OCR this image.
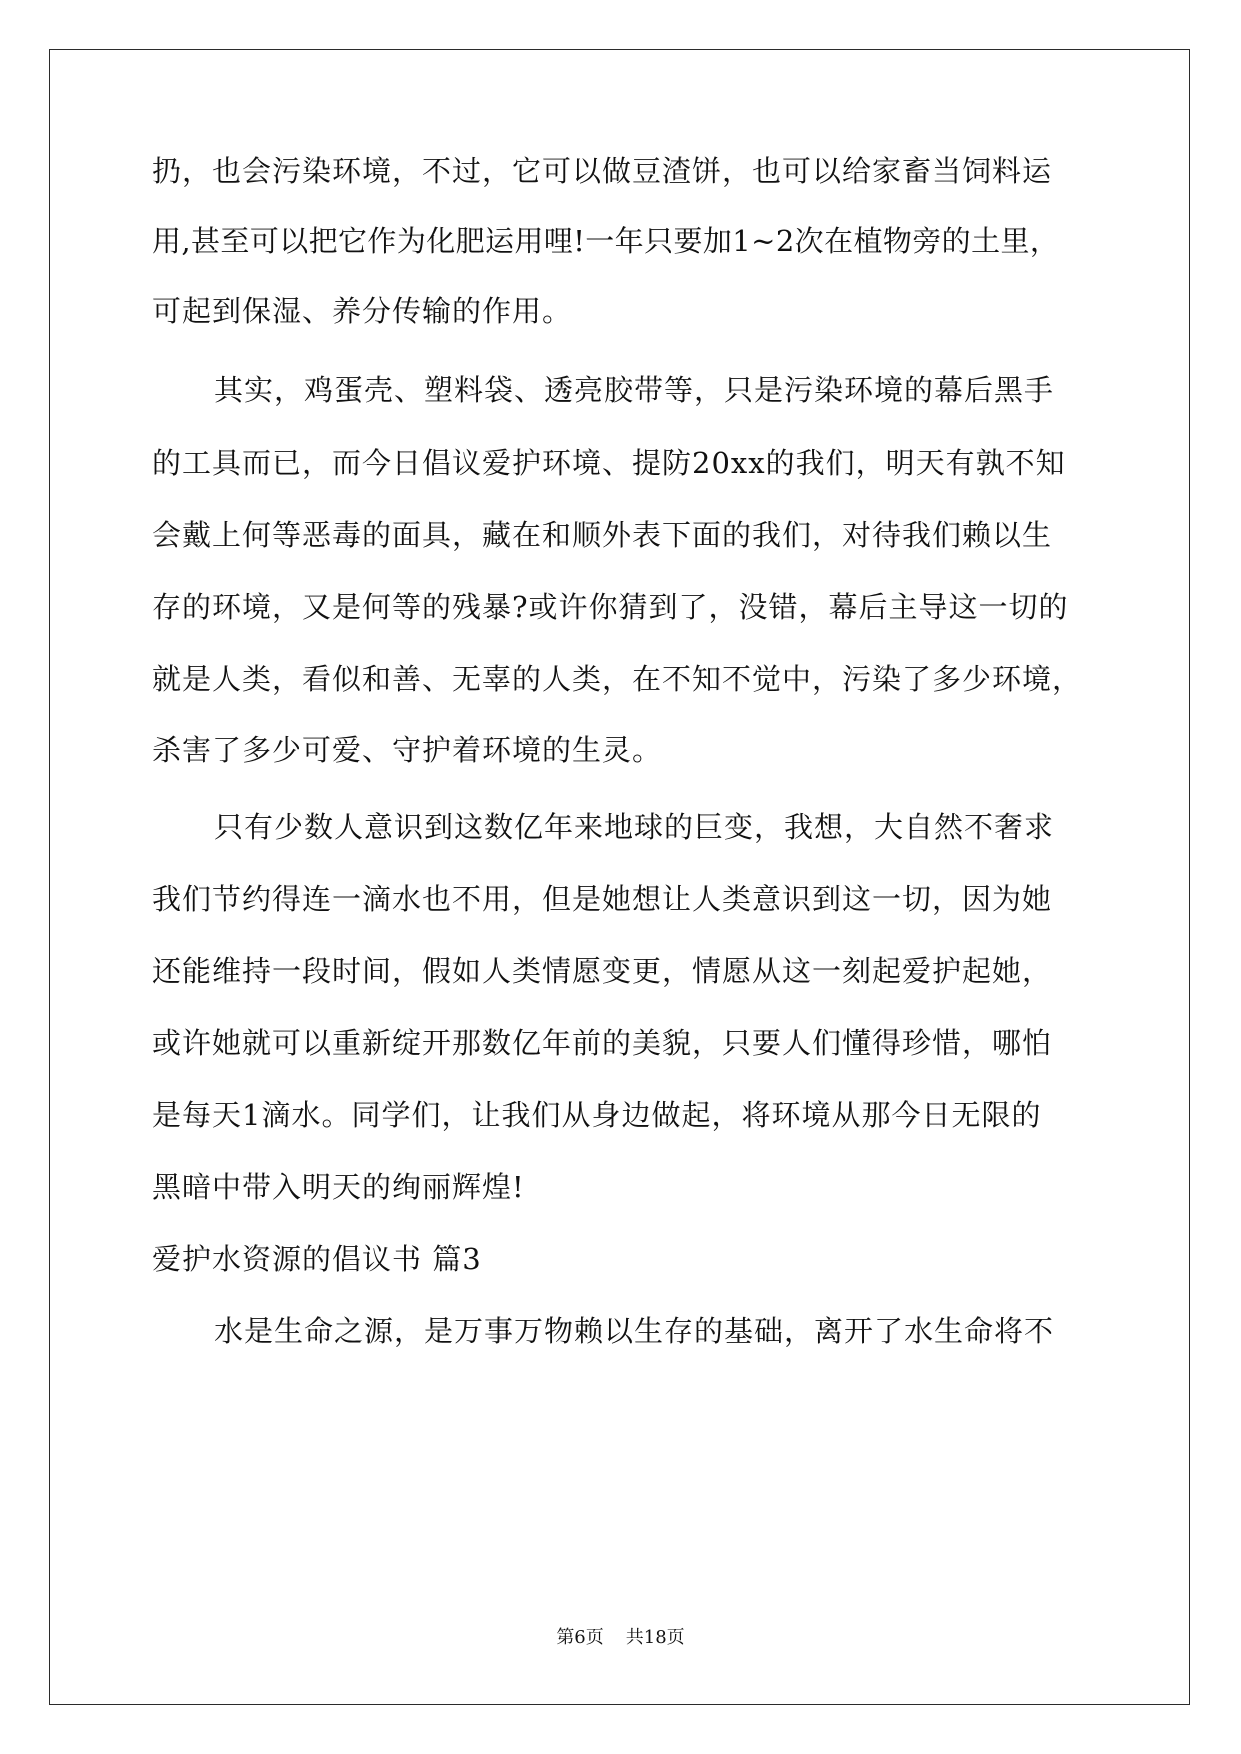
扔，也会污染环境，不过，它可以做豆渣饼，也可以给家畜当饲料运
用,甚至可以把它作为化肥运用哩!一年只要加1~2次在植物旁的土里，
可起到保湿、养分传输的作用。
其实，鸡蛋壳、塑料袋、透亮胶带等，只是污染环境的幕后黑手
的工具而已，而今日倡议爱护环境、提防20xx的我们，明天有孰不知
会戴上何等恶毒的面具，藏在和顺外表下面的我们，对待我们赖以生
存的环境，又是何等的残暴?或许你猜到了，没错，幕后主导这一切的
就是人类，看似和善、无辜的人类，在不知不觉中，污染了多少环境，
杀害了多少可爱、守护着环境的生灵。
只有少数人意识到这数亿年来地球的巨变，我想，大自然不奢求
我们节约得连一滴水也不用，但是她想让人类意识到这一切，因为她
还能维持一段时间，假如人类情愿变更，情愿从这一刻起爱护起她，
或许她就可以重新绽开那数亿年前的美貌，只要人们懂得珍惜，哪怕
是每天1滴水。同学们，让我们从身边做起，将环境从那今日无限的
黑暗中带入明天的绚丽辉煌!
爱护水资源的倡议书 篇3
水是生命之源，是万事万物赖以生存的基础，离开了水生命将不
第6页 共18页
